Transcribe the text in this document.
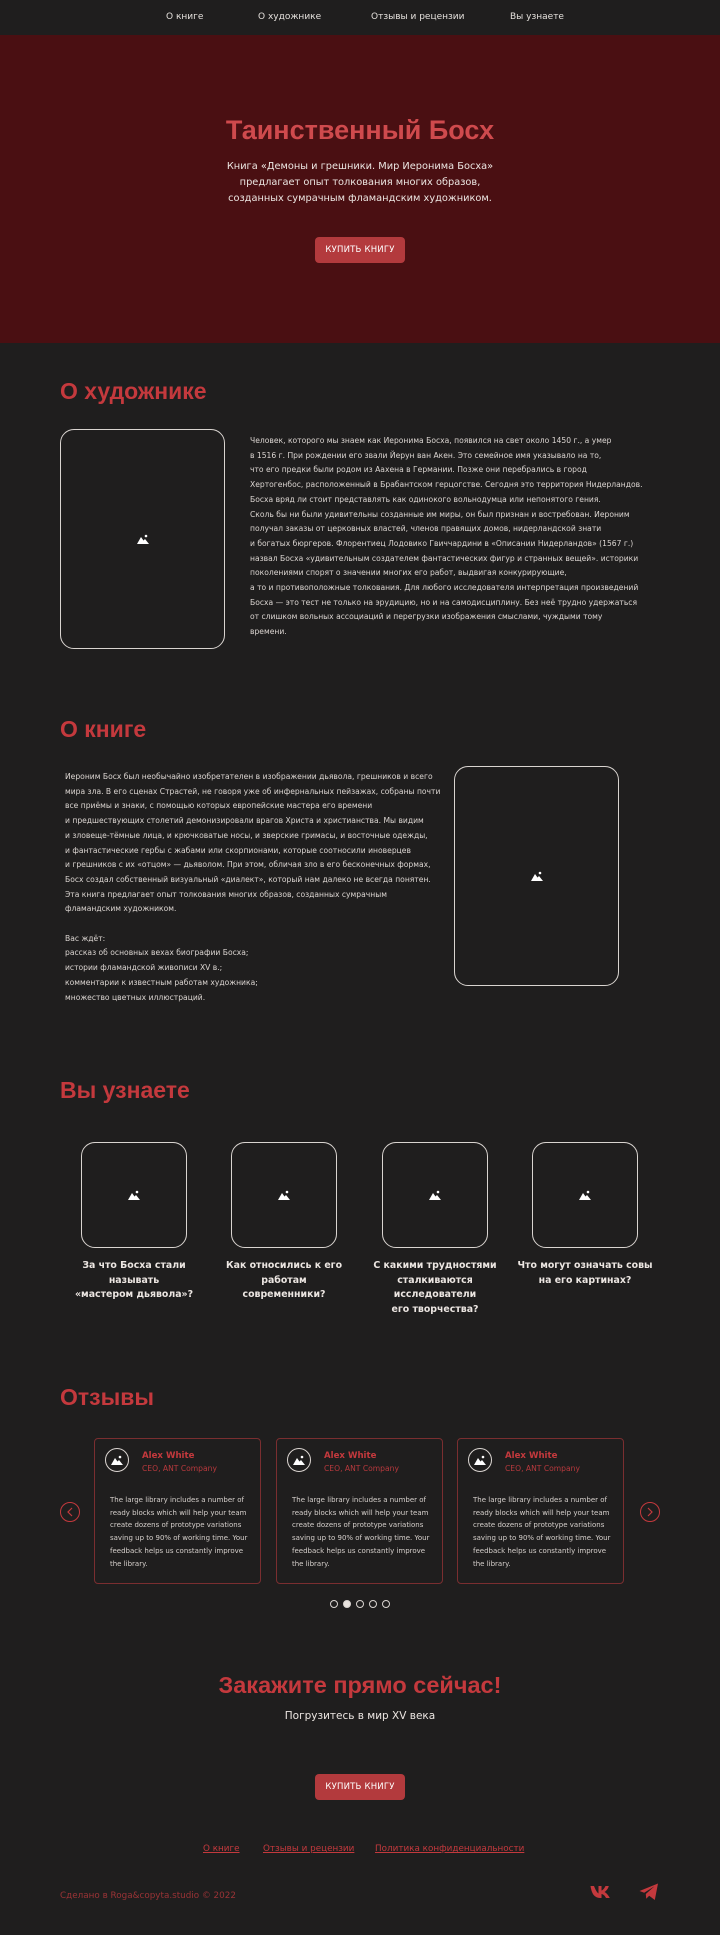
О книге	О художнике	Отзывы и рецензии	Вы узнаете
Таинственный Босх

Книга «Демоны и грешники. Мир Иеронима Босха»

предлагает опыт толкования многих образов,

созданных сумрачным фламандским художником.

КУПИТЬ КНИГУ
О художнике

Человек, которого мы знаем как Иеронима Босха, появился на свет около 1450 г., а умер

в 1516 г. При рождении его звали Йерун ван Акен. Это семейное имя указывало на то,

что его предки были родом из Аахена в Германии. Позже они перебрались в город

Хертогенбос, расположенный в Брабантском герцогстве. Сегодня это территория Нидерландов.

Босха вряд ли стоит представлять как одинокого вольнодумца или непонятого гения.

Сколь бы ни были удивительны созданные им миры, он был признан и востребован. Иероним

получал заказы от церковных властей, членов правящих домов, нидерландской знати

и богатых бюргеров. Флорентиец Лодовико Гвиччардини в «Описании Нидерландов» (1567 г.)

назвал Босха «удивительным создателем фантастических фигур и странных вещей». историки

поколениями спорят о значении многих его работ, выдвигая конкурирующие,

а то и противоположные толкования. Для любого исследователя интерпретация произведений

Босха — это тест не только на эрудицию, но и на самодисциплину. Без неё трудно удержаться

от слишком вольных ассоциаций и перегрузки изображения смыслами, чуждыми тому

времени.

О книге

Иероним Босх был необычайно изобретателен в изображении дьявола, грешников и всего

мира зла. В его сценах Страстей, не говоря уже об инфернальных пейзажах, собраны почти

все приёмы и знаки, с помощью которых европейские мастера его времени

и предшествующих столетий демонизировали врагов Христа и христианства. Мы видим

и зловеще-тёмные лица, и крючковатые носы, и зверские гримасы, и восточные одежды,

и фантастические гербы с жабами или скорпионами, которые соотносили иноверцев

и грешников с их «отцом» — дьяволом. При этом, обличая зло в его бесконечных формах,

Босх создал собственный визуальный «диалект», который нам далеко не всегда понятен.

Эта книга предлагает опыт толкования многих образов, созданных сумрачным

фламандским художником.

Вас ждёт:

рассказ об основных вехах биографии Босха;

истории фламандской живописи XV в.;

комментарии к известным работам художника;

множество цветных иллюстраций.

Вы узнаете

За что Босха стали называть

«мастером дьявола»?

Как относились к его работам

современники?

С какими трудностями

сталкиваются исследователи

его творчества?

Что могут означать совы

на его картинах?

Отзывы
Alex White
CEO, ANT Company

The large library includes a number of

ready blocks which will help your team

create dozens of prototype variations

saving up to 90% of working time. Your

feedback helps us constantly improve

the library.

Alex White
CEO, ANT Company

The large library includes a number of

ready blocks which will help your team

create dozens of prototype variations

saving up to 90% of working time. Your

feedback helps us constantly improve

the library.

Alex White
CEO, ANT Company

The large library includes a number of

ready blocks which will help your team

create dozens of prototype variations

saving up to 90% of working time. Your

feedback helps us constantly improve

the library.

Закажите прямо сейчас!

Погрузитесь в мир XV века

КУПИТЬ КНИГУ
О книге	Отзывы и рецензии Политика конфиденциальности
Сделано в Roga&copyta.studio © 2022
